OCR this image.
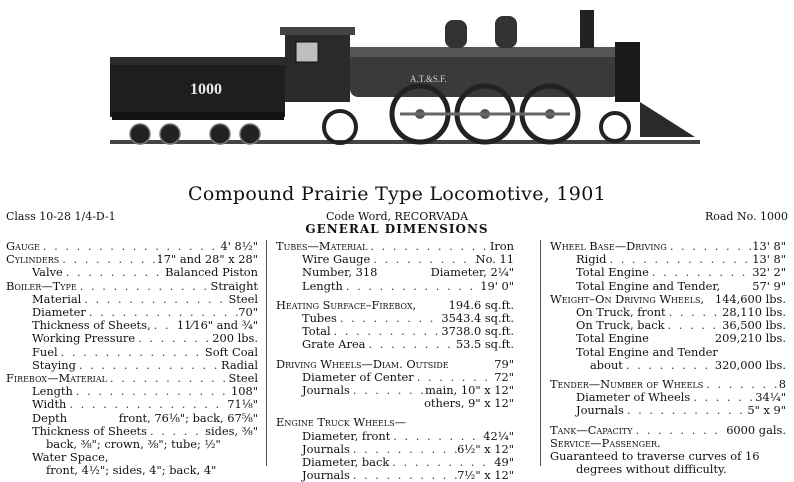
1000
A.T.&S.F.
Compound Prairie Type Locomotive, 1901
Class 10-28 1/4-D-1	Code Word, RECORVADA	Road No. 1000
GENERAL DIMENSIONS
Gauge . . .	4' 8½"
Cylinders . . .	17" and 28" x 28"
Valve . . .	Balanced Piston
Boiler—Type . . .	Straight
Material . . .	Steel
Diameter . . .	70"
Thickness of Sheets, . . . 11⁄16" and ¾"
Working Pressure . . .	200 lbs.
Fuel . . .	Soft Coal
Staying . . .	Radial
Firebox—Material . . .	Steel
Length . . .	108"
Width . . .	71⅛"
Depth	front, 76⅛"; back, 67⅝"
Thickness of Sheets . . .	sides, ⅜"
back, ⅜"; crown, ⅜"; tube; ½"
Water Space,
front, 4½"; sides, 4"; back, 4"
Tubes—Material . . .	Iron
Wire Gauge . . .	No. 11
Number, 318	Diameter, 2¼"
Length . . .	19' 0"
Heating Surface–Firebox,	194.6 sq.ft.
Tubes . . .	3543.4 sq.ft.
Total . . .	3738.0 sq.ft.
Grate Area . . .	53.5 sq.ft.
Driving Wheels—Diam. Outside	79"
Diameter of Center . . .	72"
Journals . . .	main, 10" x 12"
others, 9" x 12"
Engine Truck Wheels—
Diameter, front . . .	42¼"
Journals . . .	6½" x 12"
Diameter, back . . .	49"
Journals . . .	7½" x 12"
Wheel Base—Driving . . .	13' 8"
Rigid . . .	13' 8"
Total Engine . . .	32' 2"
Total Engine and Tender,	57' 9"
Weight–On Driving Wheels, 144,600 lbs.
On Truck, front . . .	28,110 lbs.
On Truck, back . . .	36,500 lbs.
Total Engine	209,210 lbs.
Total Engine and Tender
about . . .	320,000 lbs.
Tender—Number of Wheels . . .	8
Diameter of Wheels . . .	34¼"
Journals . . .	5" x 9"
Tank—Capacity . . .	6000 gals.
Service—Passenger.
Guaranteed to traverse curves of 16
degrees without difficulty.
